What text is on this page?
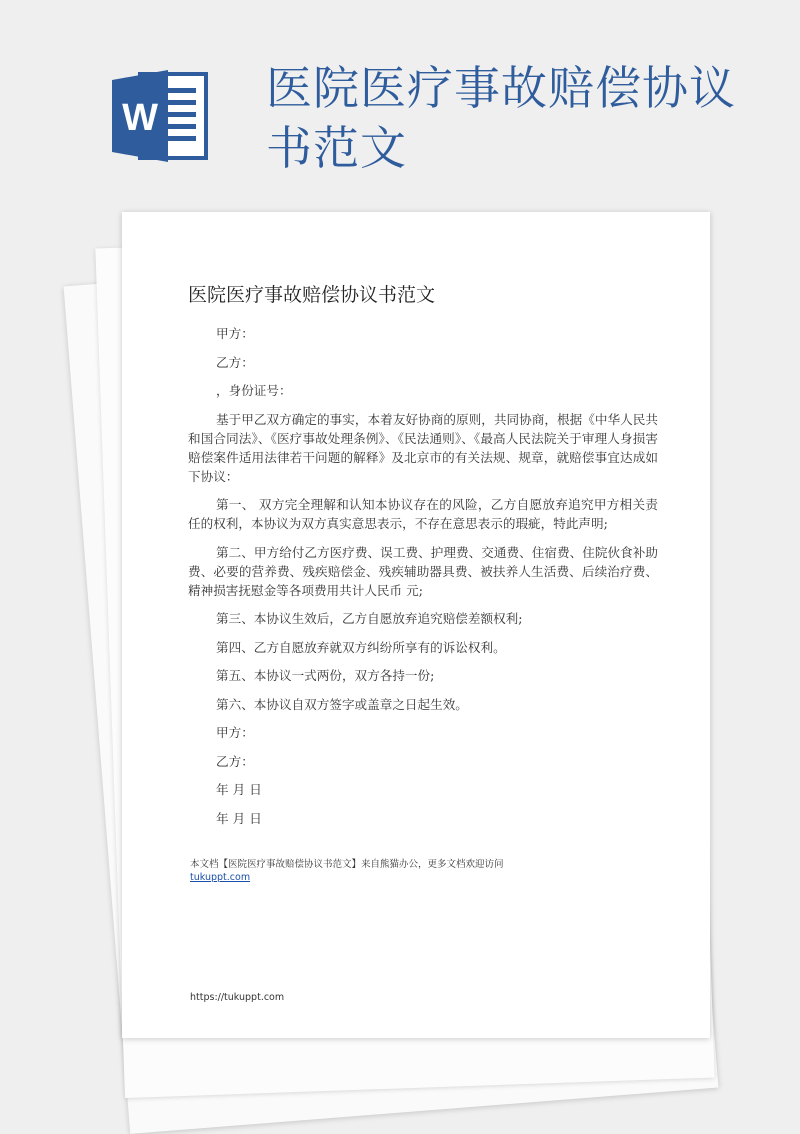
W
医院医疗事故赔偿协议书范文
医院医疗事故赔偿协议书范文

甲方：

乙方：

，身份证号：

基于甲乙双方确定的事实，本着友好协商的原则，共同协商，根据《中华人民共和国合同法》、《医疗事故处理条例》、《民法通则》、《最高人民法院关于审理人身损害赔偿案件适用法律若干问题的解释》及北京市的有关法规、规章，就赔偿事宜达成如下协议：

第一、 双方完全理解和认知本协议存在的风险，乙方自愿放弃追究甲方相关责任的权利，本协议为双方真实意思表示，不存在意思表示的瑕疵，特此声明;

第二、甲方给付乙方医疗费、误工费、护理费、交通费、住宿费、住院伙食补助费、必要的营养费、残疾赔偿金、残疾辅助器具费、被扶养人生活费、后续治疗费、精神损害抚慰金等各项费用共计人民币 元;

第三、本协议生效后，乙方自愿放弃追究赔偿差额权利;

第四、乙方自愿放弃就双方纠纷所享有的诉讼权利。

第五、本协议一式两份，双方各持一份;

第六、本协议自双方签字或盖章之日起生效。

甲方：

乙方：

年 月 日

年 月 日

本文档【医院医疗事故赔偿协议书范文】来自熊猫办公，更多文档欢迎访问
tukuppt.com
https://tukuppt.com
